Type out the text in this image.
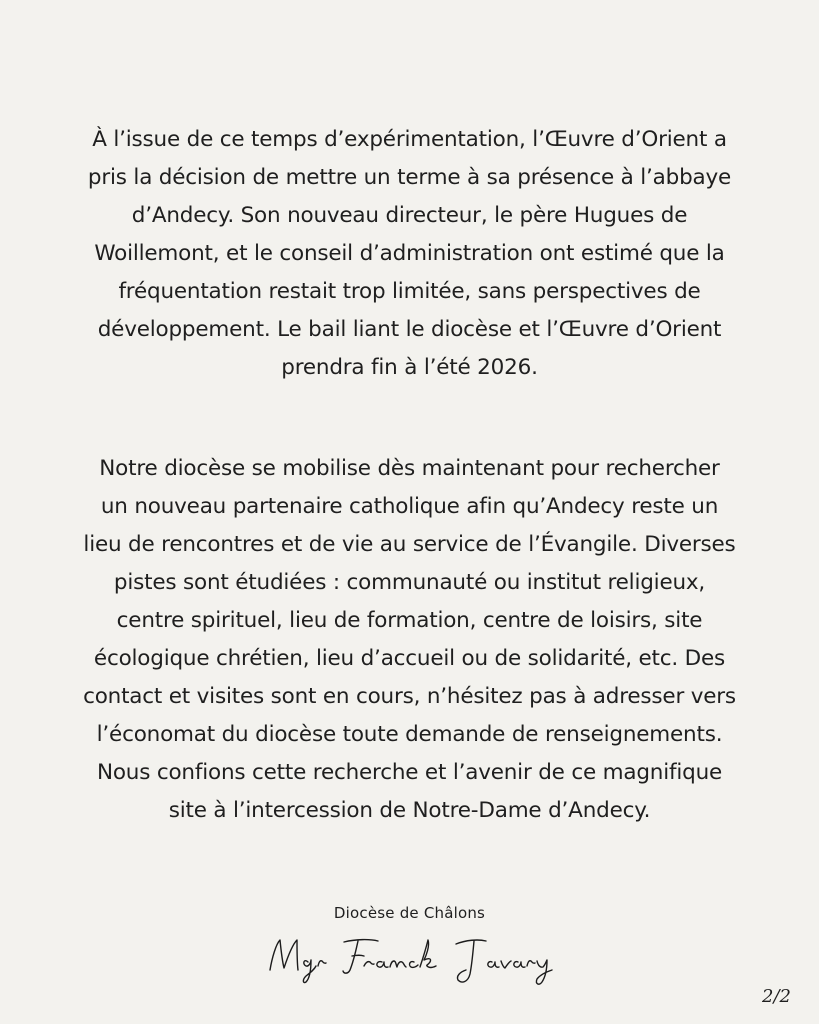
À l’issue de ce temps d’expérimentation, l’Œuvre d’Orient a
pris la décision de mettre un terme à sa présence à l’abbaye
d’Andecy. Son nouveau directeur, le père Hugues de
Woillemont, et le conseil d’administration ont estimé que la
fréquentation restait trop limitée, sans perspectives de
développement. Le bail liant le diocèse et l’Œuvre d’Orient
prendra fin à l’été 2026.
Notre diocèse se mobilise dès maintenant pour rechercher
un nouveau partenaire catholique afin qu’Andecy reste un
lieu de rencontres et de vie au service de l’Évangile. Diverses
pistes sont étudiées : communauté ou institut religieux,
centre spirituel, lieu de formation, centre de loisirs, site
écologique chrétien, lieu d’accueil ou de solidarité, etc. Des
contact et visites sont en cours, n’hésitez pas à adresser vers
l’économat du diocèse toute demande de renseignements.
Nous confions cette recherche et l’avenir de ce magnifique
site à l’intercession de Notre-Dame d’Andecy.
Diocèse de Châlons
2/2
